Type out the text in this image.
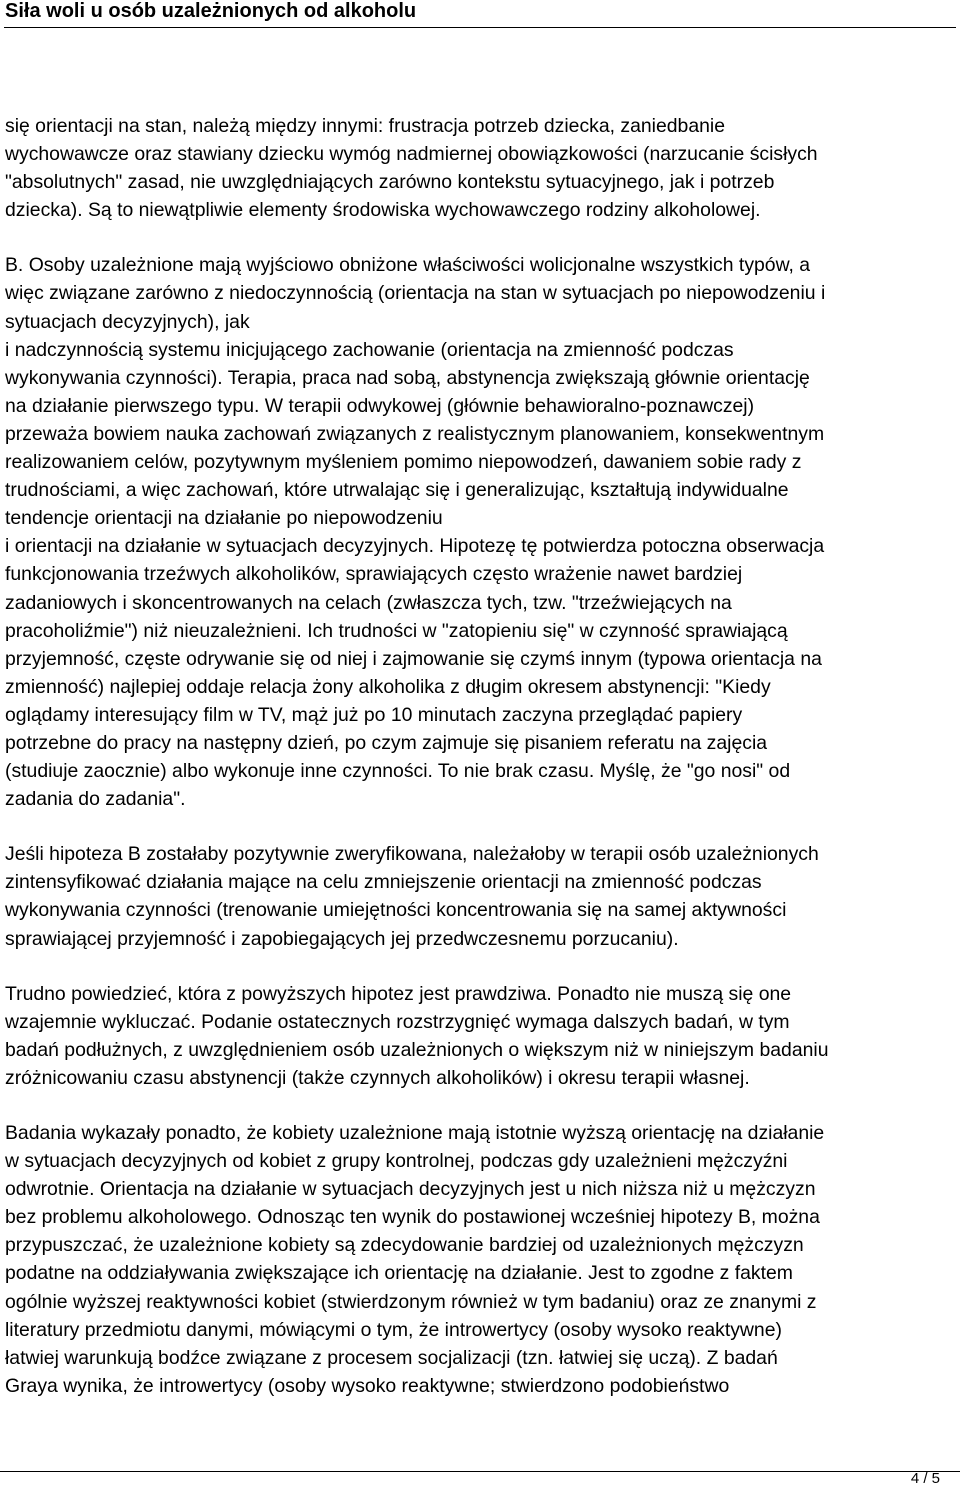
Siła woli u osób uzależnionych od alkoholu

się orientacji na stan, należą między innymi: frustracja potrzeb dziecka, zaniedbanie
wychowawcze oraz stawiany dziecku wymóg nadmiernej obowiązkowości (narzucanie ścisłych
"absolutnych" zasad, nie uwzględniających zarówno kontekstu sytuacyjnego, jak i potrzeb
dziecka). Są to niewątpliwie elementy środowiska wychowawczego rodziny alkoholowej.

B. Osoby uzależnione mają wyjściowo obniżone właściwości wolicjonalne wszystkich typów, a
więc związane zarówno z niedoczynnością (orientacja na stan w sytuacjach po niepowodzeniu i
sytuacjach decyzyjnych), jak
i nadczynnością systemu inicjującego zachowanie (orientacja na zmienność podczas
wykonywania czynności). Terapia, praca nad sobą, abstynencja zwiększają głównie orientację
na działanie pierwszego typu. W terapii odwykowej (głównie behawioralno-poznawczej)
przeważa bowiem nauka zachowań związanych z realistycznym planowaniem, konsekwentnym
realizowaniem celów, pozytywnym myśleniem pomimo niepowodzeń, dawaniem sobie rady z
trudnościami, a więc zachowań, które utrwalając się i generalizując, kształtują indywidualne
tendencje orientacji na działanie po niepowodzeniu
i orientacji na działanie w sytuacjach decyzyjnych. Hipotezę tę potwierdza potoczna obserwacja
funkcjonowania trzeźwych alkoholików, sprawiających często wrażenie nawet bardziej
zadaniowych i skoncentrowanych na celach (zwłaszcza tych, tzw. "trzeźwiejących na
pracoholiźmie") niż nieuzależnieni. Ich trudności w "zatopieniu się" w czynność sprawiającą
przyjemność, częste odrywanie się od niej i zajmowanie się czymś innym (typowa orientacja na
zmienność) najlepiej oddaje relacja żony alkoholika z długim okresem abstynencji: "Kiedy
oglądamy interesujący film w TV, mąż już po 10 minutach zaczyna przeglądać papiery
potrzebne do pracy na następny dzień, po czym zajmuje się pisaniem referatu na zajęcia
(studiuje zaocznie) albo wykonuje inne czynności. To nie brak czasu. Myślę, że "go nosi" od
zadania do zadania".

Jeśli hipoteza B zostałaby pozytywnie zweryfikowana, należałoby w terapii osób uzależnionych
zintensyfikować działania mające na celu zmniejszenie orientacji na zmienność podczas
wykonywania czynności (trenowanie umiejętności koncentrowania się na samej aktywności
sprawiającej przyjemność i zapobiegających jej przedwczesnemu porzucaniu).

Trudno powiedzieć, która z powyższych hipotez jest prawdziwa. Ponadto nie muszą się one
wzajemnie wykluczać. Podanie ostatecznych rozstrzygnięć wymaga dalszych badań, w tym
badań podłużnych, z uwzględnieniem osób uzależnionych o większym niż w niniejszym badaniu
zróżnicowaniu czasu abstynencji (także czynnych alkoholików) i okresu terapii własnej.

Badania wykazały ponadto, że kobiety uzależnione mają istotnie wyższą orientację na działanie
w sytuacjach decyzyjnych od kobiet z grupy kontrolnej, podczas gdy uzależnieni mężczyźni
odwrotnie. Orientacja na działanie w sytuacjach decyzyjnych jest u nich niższa niż u mężczyzn
bez problemu alkoholowego. Odnosząc ten wynik do postawionej wcześniej hipotezy B, można
przypuszczać, że uzależnione kobiety są zdecydowanie bardziej od uzależnionych mężczyzn
podatne na oddziaływania zwiększające ich orientację na działanie. Jest to zgodne z faktem
ogólnie wyższej reaktywności kobiet (stwierdzonym również w tym badaniu) oraz ze znanymi z
literatury przedmiotu danymi, mówiącymi o tym, że introwertycy (osoby wysoko reaktywne)
łatwiej warunkują bodźce związane z procesem socjalizacji (tzn. łatwiej się uczą). Z badań
Graya wynika, że introwertycy (osoby wysoko reaktywne; stwierdzono podobieństwo

4 / 5
